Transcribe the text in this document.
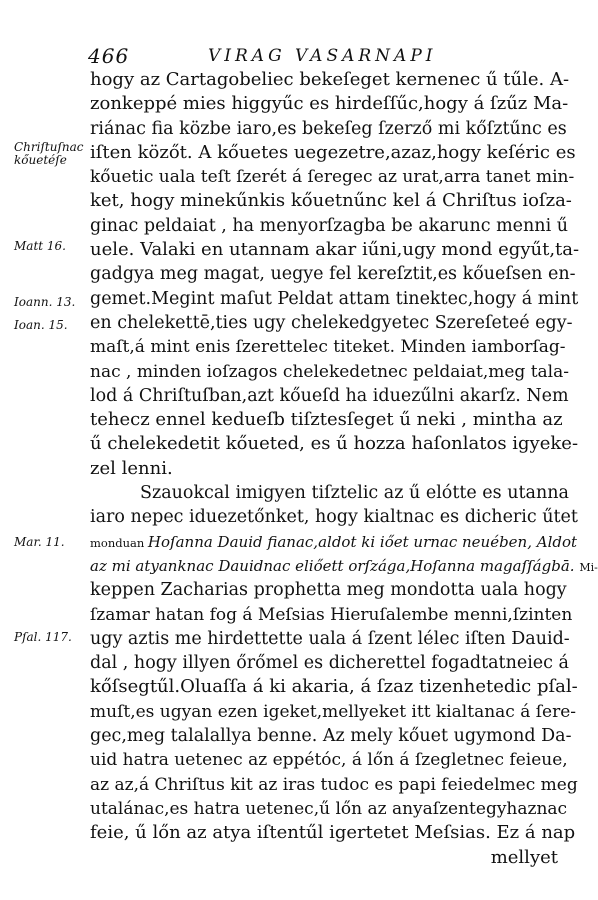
466	VIRAG VASARNAPI
Chriſtuſnac
kőuetéſe
Matt 16.
Ioann. 13.
Ioan. 15.
Mar. 11.
Pſal. 117.
hogy az Cartagobeliec bekeſeget kernenec ű tűle. A-
zonkeppé mies higgyűc es hirdeſſűc,hogy á ſzűz Ma-
riánac fia közbe iaro,es bekeſeg ſzerző mi kőſztűnc es
iſten közőt. A kőuetes uegezetre,azaz,hogy keſéric es
kőuetic uala teſt ſzerét á ſeregec az urat,arra tanet min-
ket, hogy minekűnkis kőuetnűnc kel á Chriſtus ioſza-
ginac peldaiat , ha menyorſzagba be akarunc menni ű
uele. Valaki en utannam akar iűni,ugy mond egyűt,ta-
gadgya meg magat, uegye fel kereſztit,es kőueſsen en-
gemet.Megint maſut Peldat attam tinektec,hogy á mint
en chelekettē,ties ugy chelekedgyetec Szereſeteé egy-
maſt,á mint enis ſzerettelec titeket. Minden iamborſag-
nac , minden ioſzagos chelekedetnec peldaiat,meg tala-
lod á Chriſtuſban,azt kőueſd ha iduezűlni akarſz. Nem
tehecz ennel kedueſb tiſztesſeget ű neki , mintha az
ű chelekedetit kőueted, es ű hozza haſonlatos igyeke-
zel lenni.
Szauokcal imigyen tiſztelic az ű elótte es utanna
iaro nepec iduezetőnket, hogy kialtnac es dicheric űtet
monduan Hoſanna Dauid fianac,aldot ki iőet urnac neuében, Aldot
az mi atyanknac Dauidnac eliőett orſzága,Hoſanna magaſſágbā. Mi-
keppen Zacharias prophetta meg mondotta uala hogy
ſzamar hatan fog á Meſsias Hieruſalembe menni,ſzinten
ugy aztis me hirdettette uala á ſzent lélec iſten Dauid-
dal , hogy illyen őrőmel es dicherettel fogadtatneiec á
kőſsegtűl.Oluaſſa á ki akaria, á ſzaz tizenhetedic pſal-
muſt,es ugyan ezen igeket,mellyeket itt kialtanac á ſere-
gec,meg talalallya benne. Az mely kőuet ugymond Da-
uid hatra uetenec az eppétóc, á lőn á ſzegletnec feieue,
az az,á Chriſtus kit az iras tudoc es papi feiedelmec meg
utalánac,es hatra uetenec,ű lőn az anyaſzentegyhaznac
feie, ű lőn az atya iſtentűl igertetet Meſsias. Ez á nap
mellyet
